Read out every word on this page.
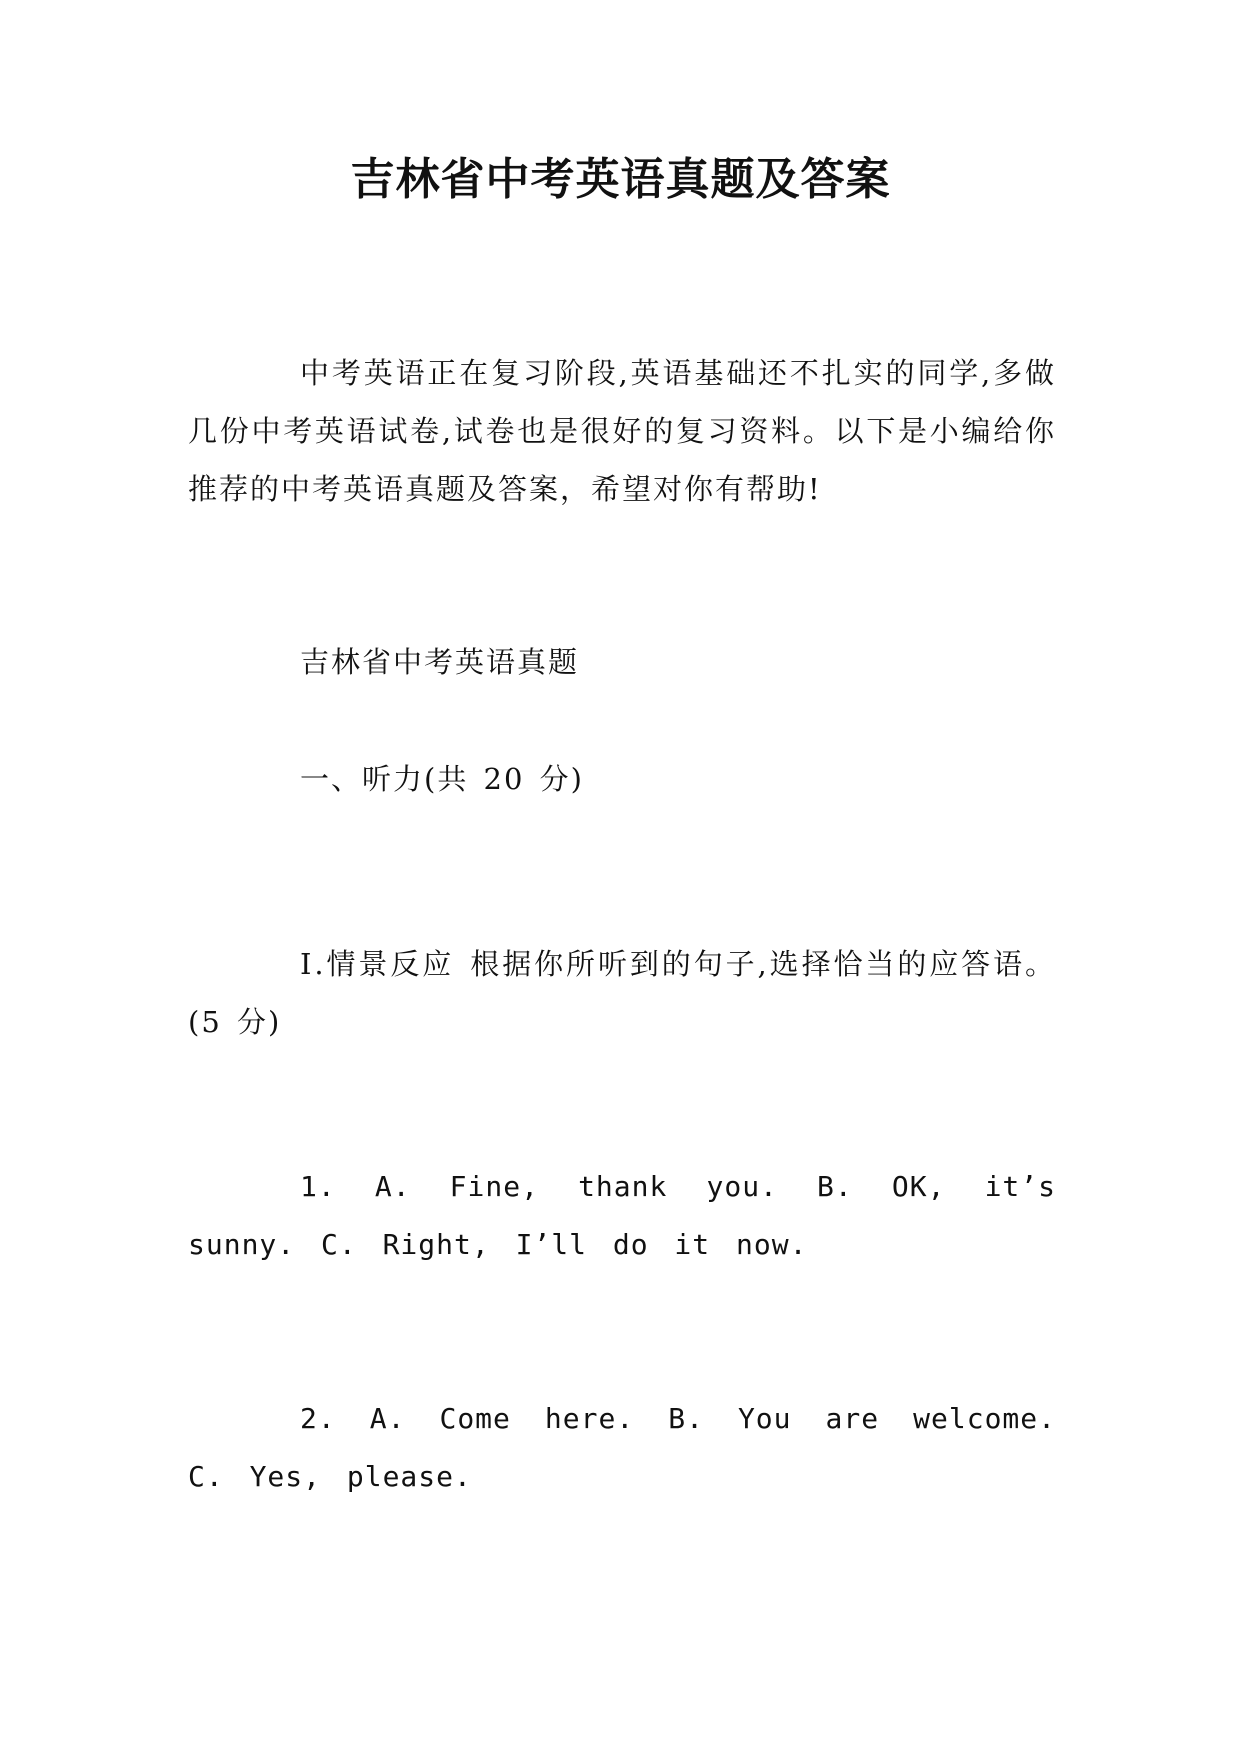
吉林省中考英语真题及答案

中考英语正在复习阶段,英语基础还不扎实的同学,多做几份中考英语试卷,试卷也是很好的复习资料。以下是小编给你推荐的中考英语真题及答案，希望对你有帮助!

吉林省中考英语真题

一、听力(共 20 分)

Ⅰ.情景反应 根据你所听到的句子,选择恰当的应答语。(5 分)

1. A. Fine, thank you. B. OK, it’s sunny. C. Right, I’ll do it now.

2. A. Come here. B. You are welcome. C. Yes, please.
